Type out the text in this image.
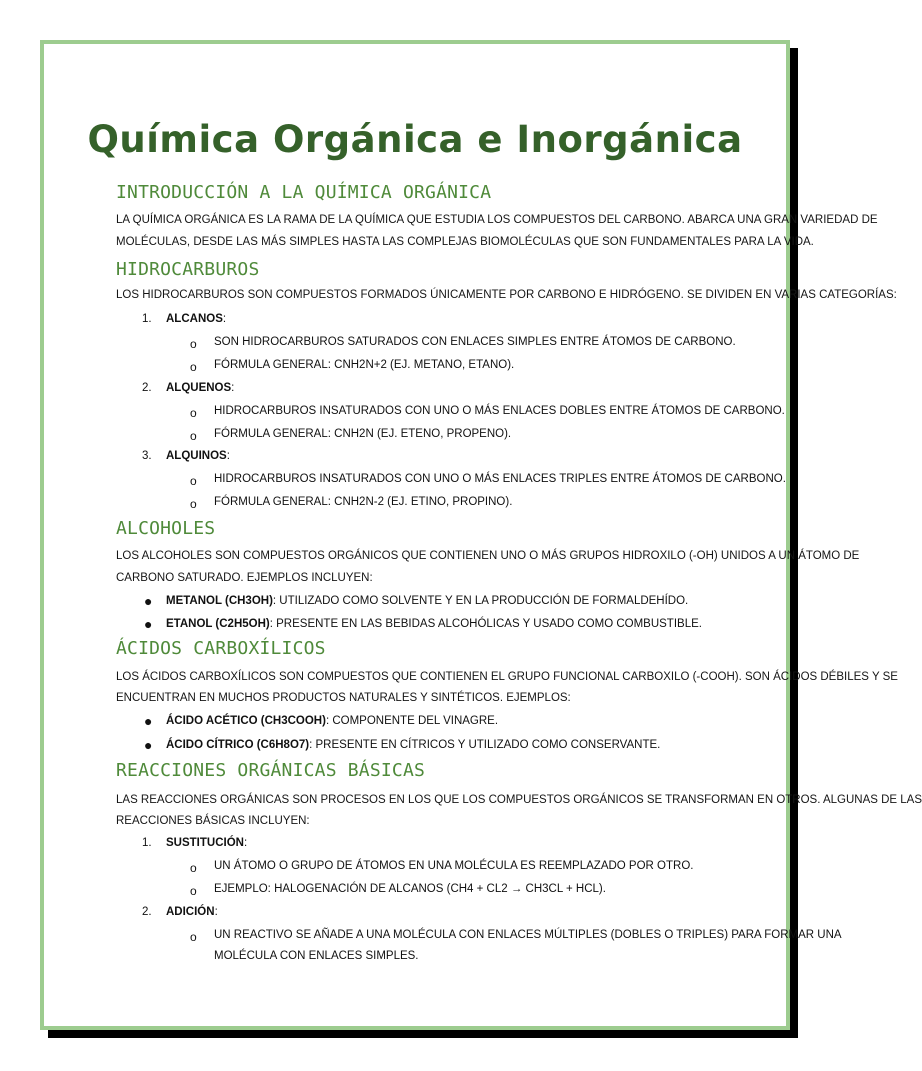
Química Orgánica e Inorgánica
INTRODUCCIÓN A LA QUÍMICA ORGÁNICA
LA QUÍMICA ORGÁNICA ES LA RAMA DE LA QUÍMICA QUE ESTUDIA LOS COMPUESTOS DEL CARBONO. ABARCA UNA GRAN VARIEDAD DE
MOLÉCULAS, DESDE LAS MÁS SIMPLES HASTA LAS COMPLEJAS BIOMOLÉCULAS QUE SON FUNDAMENTALES PARA LA VIDA.
HIDROCARBUROS
LOS HIDROCARBUROS SON COMPUESTOS FORMADOS ÚNICAMENTE POR CARBONO E HIDRÓGENO. SE DIVIDEN EN VARIAS CATEGORÍAS:
1. ALCANOS:
o SON HIDROCARBUROS SATURADOS CON ENLACES SIMPLES ENTRE ÁTOMOS DE CARBONO.
o FÓRMULA GENERAL: CNH2N+2 (EJ. METANO, ETANO).
2. ALQUENOS:
o HIDROCARBUROS INSATURADOS CON UNO O MÁS ENLACES DOBLES ENTRE ÁTOMOS DE CARBONO.
o FÓRMULA GENERAL: CNH2N (EJ. ETENO, PROPENO).
3. ALQUINOS:
o HIDROCARBUROS INSATURADOS CON UNO O MÁS ENLACES TRIPLES ENTRE ÁTOMOS DE CARBONO.
o FÓRMULA GENERAL: CNH2N-2 (EJ. ETINO, PROPINO).
ALCOHOLES
LOS ALCOHOLES SON COMPUESTOS ORGÁNICOS QUE CONTIENEN UNO O MÁS GRUPOS HIDROXILO (-OH) UNIDOS A UN ÁTOMO DE
CARBONO SATURADO. EJEMPLOS INCLUYEN:
● METANOL (CH3OH): UTILIZADO COMO SOLVENTE Y EN LA PRODUCCIÓN DE FORMALDEHÍDO.
● ETANOL (C2H5OH): PRESENTE EN LAS BEBIDAS ALCOHÓLICAS Y USADO COMO COMBUSTIBLE.
ÁCIDOS CARBOXÍLICOS
LOS ÁCIDOS CARBOXÍLICOS SON COMPUESTOS QUE CONTIENEN EL GRUPO FUNCIONAL CARBOXILO (-COOH). SON ÁCIDOS DÉBILES Y SE
ENCUENTRAN EN MUCHOS PRODUCTOS NATURALES Y SINTÉTICOS. EJEMPLOS:
● ÁCIDO ACÉTICO (CH3COOH): COMPONENTE DEL VINAGRE.
● ÁCIDO CÍTRICO (C6H8O7): PRESENTE EN CÍTRICOS Y UTILIZADO COMO CONSERVANTE.
REACCIONES ORGÁNICAS BÁSICAS
LAS REACCIONES ORGÁNICAS SON PROCESOS EN LOS QUE LOS COMPUESTOS ORGÁNICOS SE TRANSFORMAN EN OTROS. ALGUNAS DE LAS
REACCIONES BÁSICAS INCLUYEN:
1. SUSTITUCIÓN:
o UN ÁTOMO O GRUPO DE ÁTOMOS EN UNA MOLÉCULA ES REEMPLAZADO POR OTRO.
o EJEMPLO: HALOGENACIÓN DE ALCANOS (CH4 + CL2 → CH3CL + HCL).
2. ADICIÓN:
o UN REACTIVO SE AÑADE A UNA MOLÉCULA CON ENLACES MÚLTIPLES (DOBLES O TRIPLES) PARA FORMAR UNA
MOLÉCULA CON ENLACES SIMPLES.
